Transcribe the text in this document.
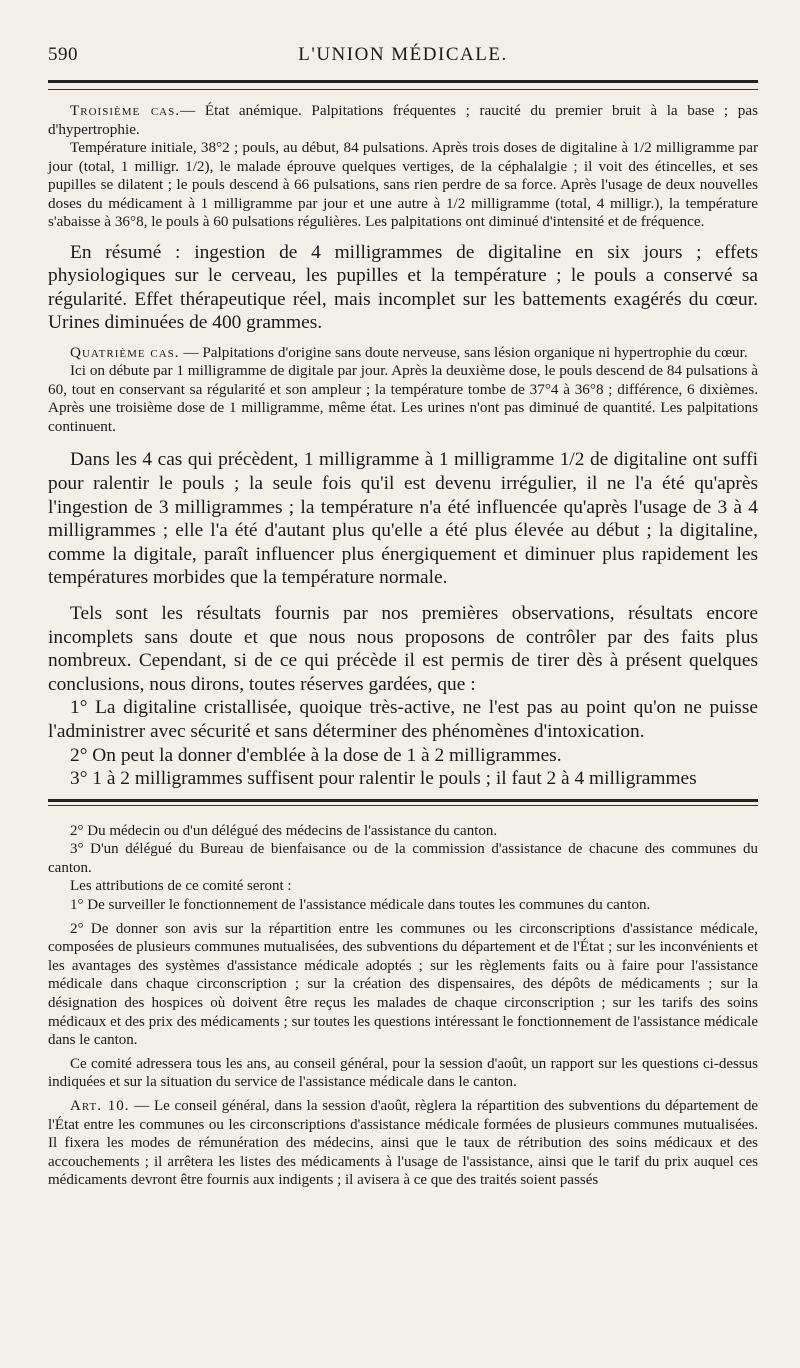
590	L'UNION MÉDICALE.

Troisième cas.— État anémique. Palpitations fréquentes ; raucité du premier bruit à la base ; pas d'hypertrophie.

Température initiale, 38°2 ; pouls, au début, 84 pulsations. Après trois doses de digitaline à 1/2 milligramme par jour (total, 1 milligr. 1/2), le malade éprouve quelques vertiges, de la céphalalgie ; il voit des étincelles, et ses pupilles se dilatent ; le pouls descend à 66 pulsations, sans rien perdre de sa force. Après l'usage de deux nouvelles doses du médicament à 1 milligramme par jour et une autre à 1/2 milligramme (total, 4 milligr.), la température s'abaisse à 36°8, le pouls à 60 pulsations régulières. Les palpitations ont diminué d'intensité et de fréquence.

En résumé : ingestion de 4 milligrammes de digitaline en six jours ; effets physiologiques sur le cerveau, les pupilles et la température ; le pouls a conservé sa régularité. Effet thérapeutique réel, mais incomplet sur les battements exagérés du cœur. Urines diminuées de 400 grammes.

Quatrième cas. — Palpitations d'origine sans doute nerveuse, sans lésion organique ni hypertrophie du cœur.

Ici on débute par 1 milligramme de digitale par jour. Après la deuxième dose, le pouls descend de 84 pulsations à 60, tout en conservant sa régularité et son ampleur ; la température tombe de 37°4 à 36°8 ; différence, 6 dixièmes. Après une troisième dose de 1 milligramme, même état. Les urines n'ont pas diminué de quantité. Les palpitations continuent.

Dans les 4 cas qui précèdent, 1 milligramme à 1 milligramme 1/2 de digitaline ont suffi pour ralentir le pouls ; la seule fois qu'il est devenu irrégulier, il ne l'a été qu'après l'ingestion de 3 milligrammes ; la température n'a été influencée qu'après l'usage de 3 à 4 milligrammes ; elle l'a été d'autant plus qu'elle a été plus élevée au début ; la digitaline, comme la digitale, paraît influencer plus énergiquement et diminuer plus rapidement les températures morbides que la température normale.

Tels sont les résultats fournis par nos premières observations, résultats encore incomplets sans doute et que nous nous proposons de contrôler par des faits plus nombreux. Cependant, si de ce qui précède il est permis de tirer dès à présent quelques conclusions, nous dirons, toutes réserves gardées, que :

1° La digitaline cristallisée, quoique très-active, ne l'est pas au point qu'on ne puisse l'administrer avec sécurité et sans déterminer des phénomènes d'intoxication.

2° On peut la donner d'emblée à la dose de 1 à 2 milligrammes.

3° 1 à 2 milligrammes suffisent pour ralentir le pouls ; il faut 2 à 4 milligrammes

2° Du médecin ou d'un délégué des médecins de l'assistance du canton.

3° D'un délégué du Bureau de bienfaisance ou de la commission d'assistance de chacune des communes du canton.

Les attributions de ce comité seront :

1° De surveiller le fonctionnement de l'assistance médicale dans toutes les communes du canton.

2° De donner son avis sur la répartition entre les communes ou les circonscriptions d'assistance médicale, composées de plusieurs communes mutualisées, des subventions du département et de l'État ; sur les inconvénients et les avantages des systèmes d'assistance médicale adoptés ; sur les règlements faits ou à faire pour l'assistance médicale dans chaque circonscription ; sur la création des dispensaires, des dépôts de médicaments ; sur la désignation des hospices où doivent être reçus les malades de chaque circonscription ; sur les tarifs des soins médicaux et des prix des médicaments ; sur toutes les questions intéressant le fonctionnement de l'assistance médicale dans le canton.

Ce comité adressera tous les ans, au conseil général, pour la session d'août, un rapport sur les questions ci-dessus indiquées et sur la situation du service de l'assistance médicale dans le canton.

Art. 10. — Le conseil général, dans la session d'août, règlera la répartition des subventions du département de l'État entre les communes ou les circonscriptions d'assistance médicale formées de plusieurs communes mutualisées. Il fixera les modes de rémunération des médecins, ainsi que le taux de rétribution des soins médicaux et des accouchements ; il arrêtera les listes des médicaments à l'usage de l'assistance, ainsi que le tarif du prix auquel ces médicaments devront être fournis aux indigents ; il avisera à ce que des traités soient passés
